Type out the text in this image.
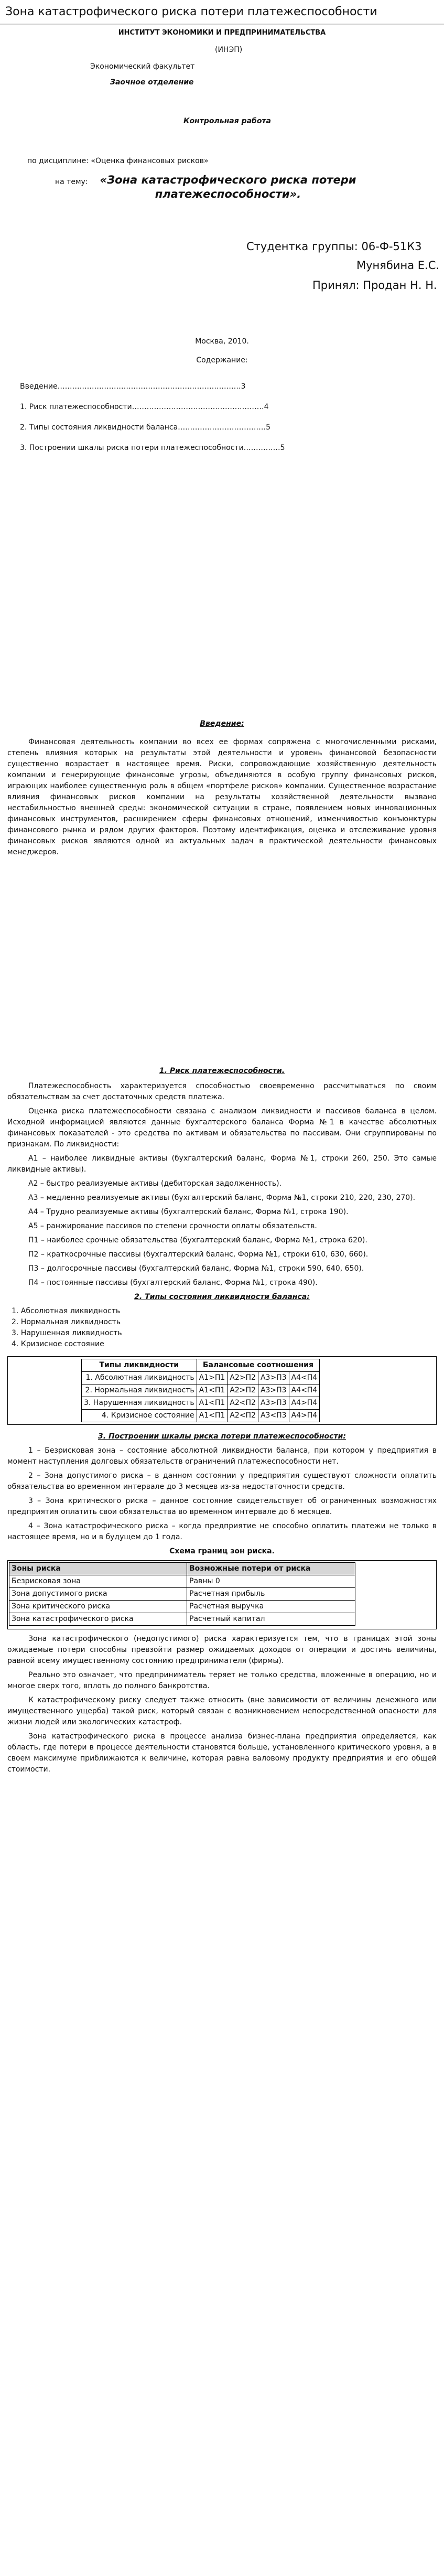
Зона катастрофического риска потери платежеспособности
ИНСТИТУТ ЭКОНОМИКИ И ПРЕДПРИНИМАТЕЛЬСТВА
(ИНЭП)
Экономический факультет
Заочное отделение
Контрольная работа
по дисциплине: «Оценка финансовых рисков»
на тему: «Зона катастрофического риска потери платежеспособности».
Студентка группы: 06-Ф-51К3
Мунябина Е.С.
Принял: Продан Н. Н.
Москва, 2010.
Содержание:
Введение…………………………………………………………………3
1. Риск платежеспособности………………………………………………4
2. Типы состояния ликвидности баланса………………………………5
3. Построении шкалы риска потери платежеспособности……………5

Введение:

Финансовая деятельность компании во всех ее формах сопряжена с многочисленными рисками, степень влияния которых на результаты этой деятельности и уровень финансовой безопасности существенно возрастает в настоящее время. Риски, сопровождающие хозяйственную деятельность компании и генерирующие финансовые угрозы, объединяются в особую группу финансовых рисков, играющих наиболее существенную роль в общем «портфеле рисков» компании. Существенное возрастание влияния финансовых рисков компании на результаты хозяйственной деятельности вызвано нестабильностью внешней среды: экономической ситуации в стране, появлением новых инновационных финансовых инструментов, расширением сферы финансовых отношений, изменчивостью конъюнктуры финансового рынка и рядом других факторов. Поэтому идентификация, оценка и отслеживание уровня финансовых рисков являются одной из актуальных задач в практической деятельности финансовых менеджеров.

1. Риск платежеспособности.

Платежеспособность характеризуется способностью своевременно рассчитываться по своим обязательствам за счет достаточных средств платежа.

Оценка риска платежеспособности связана с анализом ликвидности и пассивов баланса в целом. Исходной информацией являются данные бухгалтерского баланса Форма №1 в качестве абсолютных финансовых показателей - это средства по активам и обязательства по пассивам. Они сгруппированы по признакам. По ликвидности:

А1 – наиболее ликвидные активы (бухгалтерский баланс, Форма №1, строки 260, 250. Это самые ликвидные активы).

А2 – быстро реализуемые активы (дебиторская задолженность).

А3 – медленно реализуемые активы (бухгалтерский баланс, Форма №1, строки 210, 220, 230, 270).

А4 – Трудно реализуемые активы (бухгалтерский баланс, Форма №1, строка 190).

А5 – ранжирование пассивов по степени срочности оплаты обязательств.

П1 – наиболее срочные обязательства (бухгалтерский баланс, Форма №1, строка 620).

П2 – краткосрочные пассивы (бухгалтерский баланс, Форма №1, строки 610, 630, 660).

П3 – долгосрочные пассивы (бухгалтерский баланс, Форма №1, строки 590, 640, 650).

П4 – постоянные пассивы (бухгалтерский баланс, Форма №1, строка 490).

2. Типы состояния ликвидности баланса:

1. Абсолютная ликвидность
2. Нормальная ликвидность
3. Нарушенная ликвидность
4. Кризисное состояние
Типы ликвидности	Балансовые соотношения			
1. Абсолютная ликвидность	А1>П1	А2>П2	А3>П3	А4<П4
2. Нормальная ликвидность	А1<П1	А2>П2	А3>П3	А4<П4
3. Нарушенная ликвидность	А1<П1	А2<П2	А3>П3	А4>П4
4. Кризисное состояние	А1<П1	А2<П2	А3<П3	А4>П4

3. Построении шкалы риска потери платежеспособности:

1 – Безрисковая зона – состояние абсолютной ликвидности баланса, при котором у предприятия в момент наступления долговых обязательств ограничений платежеспособности нет.

2 – Зона допустимого риска – в данном состоянии у предприятия существуют сложности оплатить обязательства во временном интервале до 3 месяцев из-за недостаточности средств.

3 – Зона критического риска – данное состояние свидетельствует об ограниченных возможностях предприятия оплатить свои обязательства во временном интервале до 6 месяцев.

4 – Зона катастрофического риска – когда предприятие не способно оплатить платежи не только в настоящее время, но и в будущем до 1 года.

Схема границ зон риска.

Зоны риска	Возможные потери от риска
Безрисковая зона	Равны 0
Зона допустимого риска	Расчетная прибыль
Зона критического риска	Расчетная выручка
Зона катастрофического риска	Расчетный капитал

Зона катастрофического (недопустимого) риска характеризуется тем, что в границах этой зоны ожидаемые потери способны превзойти размер ожидаемых доходов от операции и достичь величины, равной всему имущественному состоянию предпринимателя (фирмы).

Реально это означает, что предприниматель теряет не только средства, вложенные в операцию, но и многое сверх того, вплоть до полного банкротства.

К катастрофическому риску следует также относить (вне зависимости от величины денежного или имущественного ущерба) такой риск, который связан с возникновением непосредственной опасности для жизни людей или экологических катастроф.

Зона катастрофического риска в процессе анализа бизнес-плана предприятия определяется, как область, где потери в процессе деятельности становятся больше, установленного критического уровня, а в своем максимуме приближаются к величине, которая равна валовому продукту предприятия и его общей стоимости.
